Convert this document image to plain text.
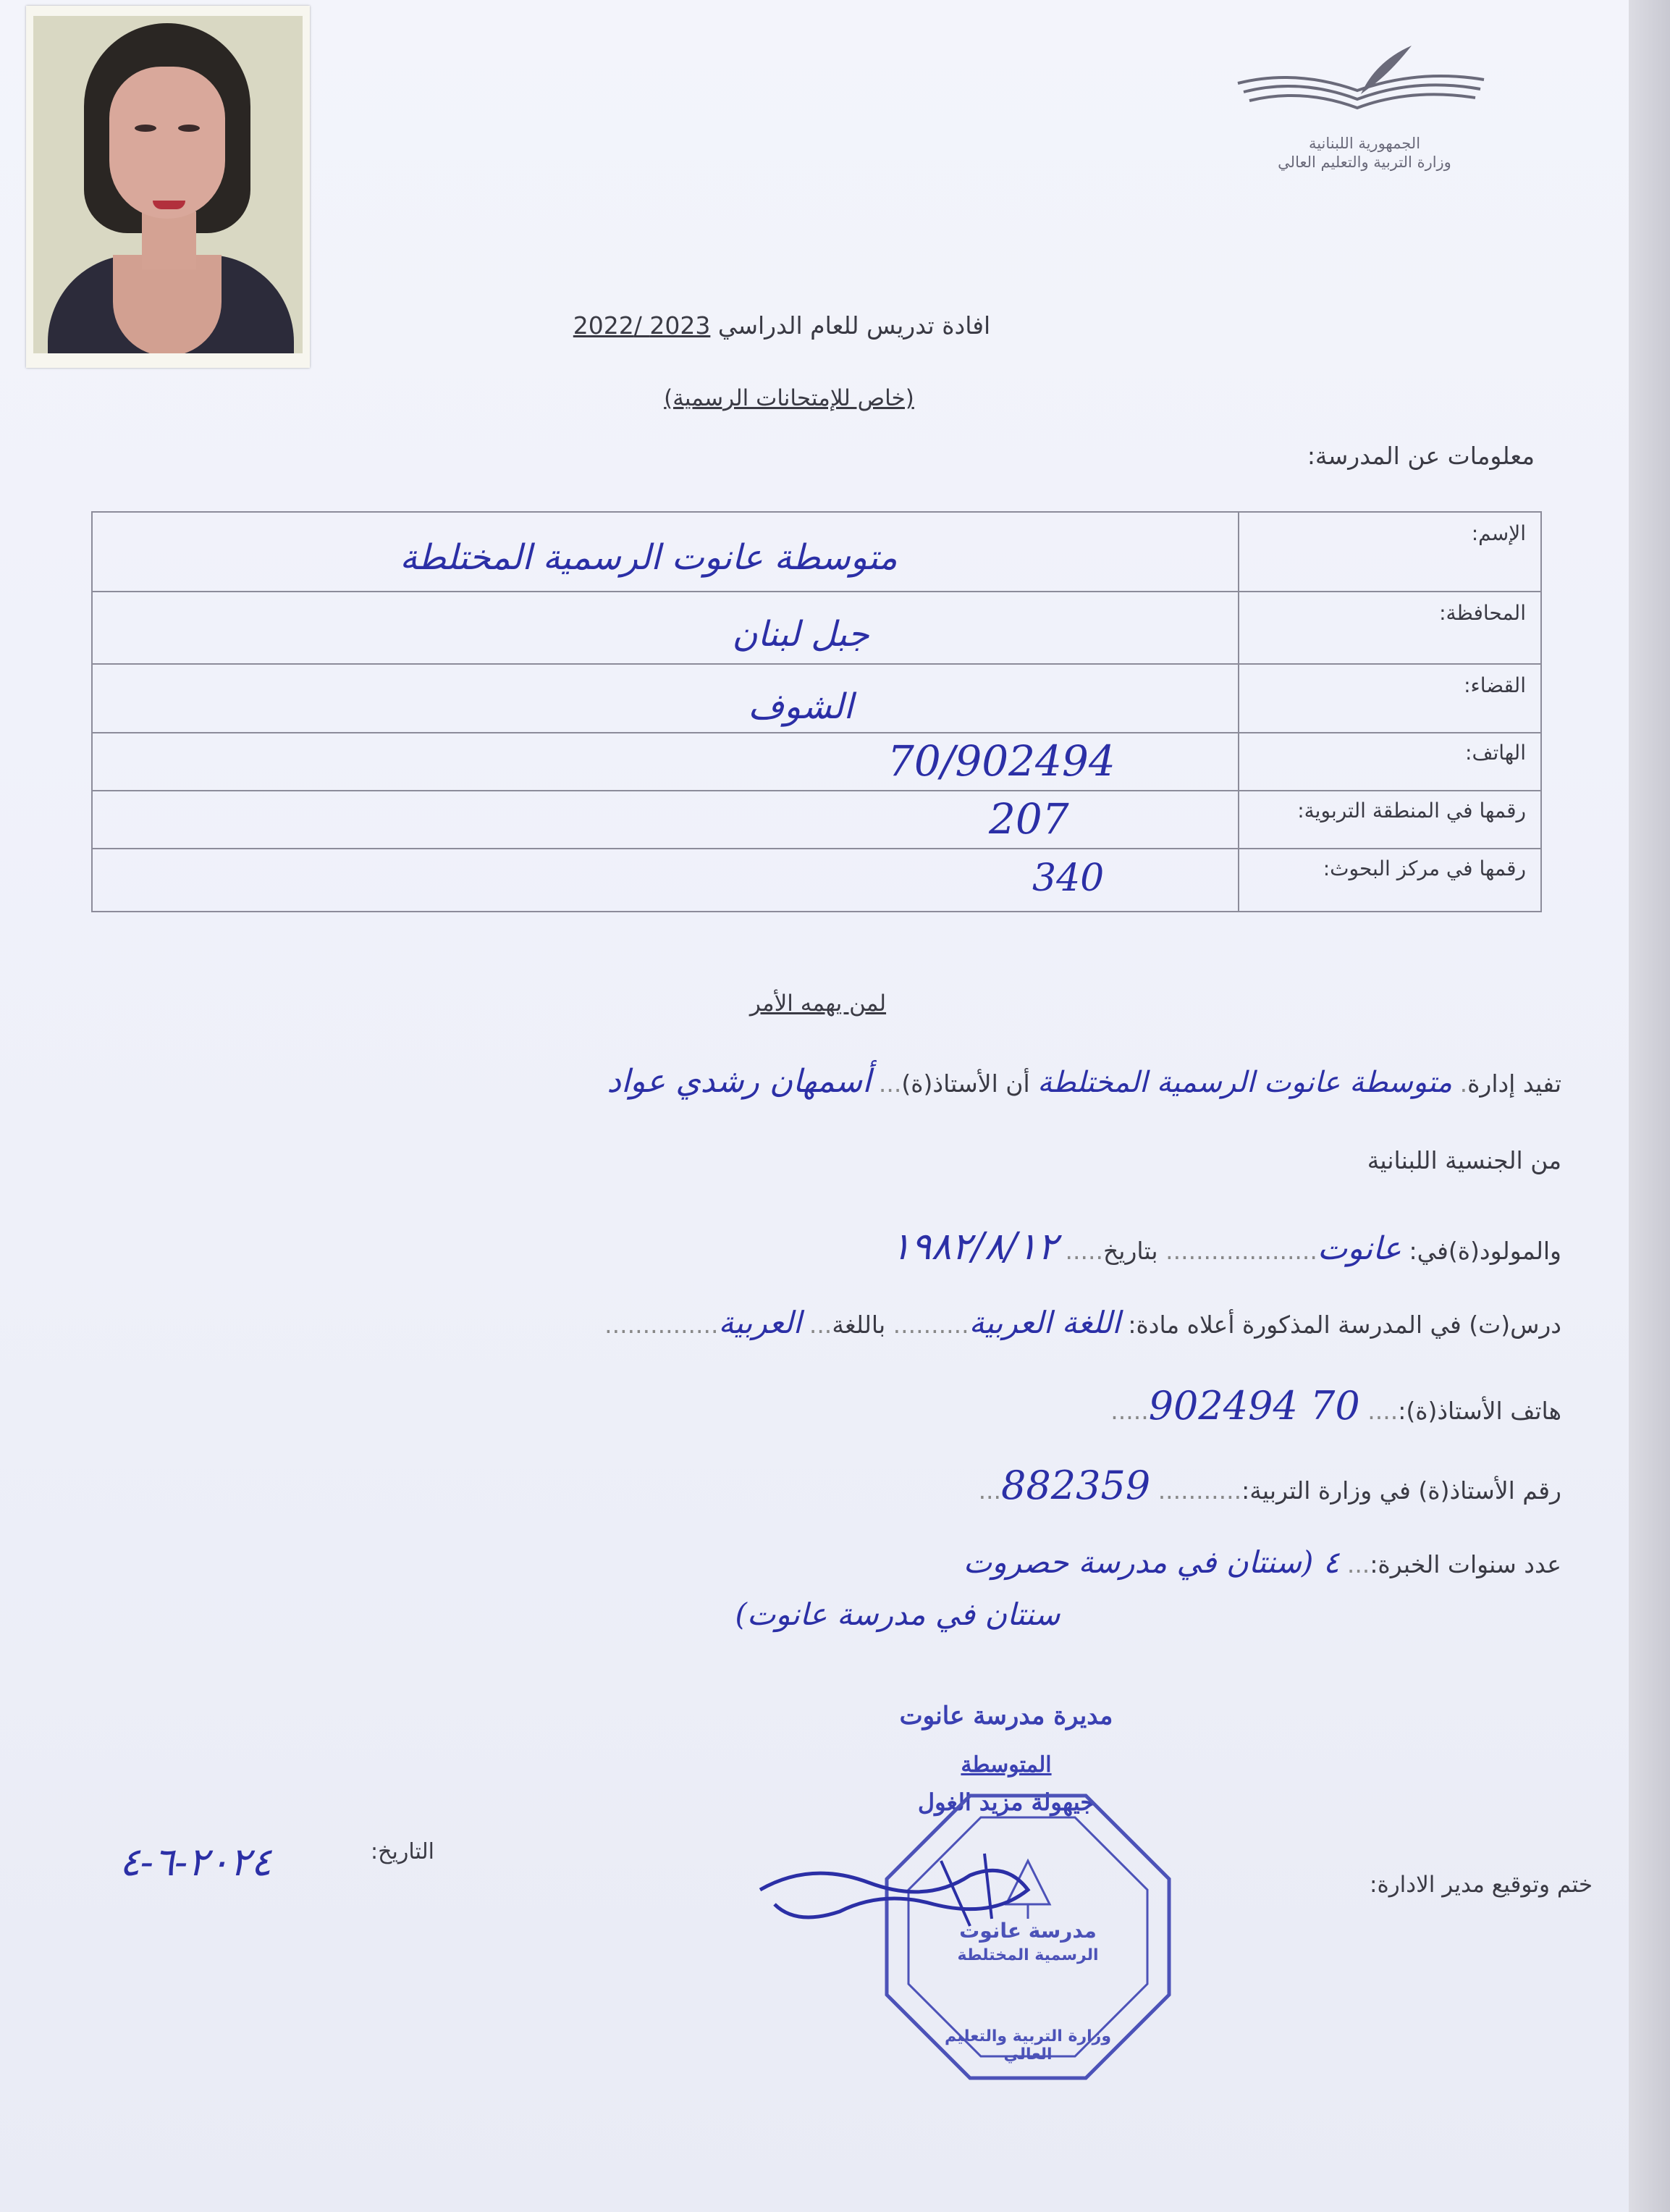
الجمهورية اللبنانية
وزارة التربية والتعليم العالي
افادة تدريس للعام الدراسي 2023 /2022
(خاص للإمتحانات الرسمية)
معلومات عن المدرسة:
الإسم:
متوسطة عانوت الرسمية المختلطة
المحافظة:
جبل لبنان
القضاء:
الشوف
الهاتف:
70/902494
رقمها في المنطقة التربوية:
207
رقمها في مركز البحوث:
340
لمن يهمه الأمر
تفيد إدارة. متوسطة عانوت الرسمية المختلطة أن الأستاذ(ة)... أسمهان رشدي عواد
من الجنسية اللبنانية
والمولود(ة)في: عانوت.................... بتاريخ..... ١٩٨٢/٨/١٢
درس(ت) في المدرسة المذكورة أعلاه مادة: اللغة العربية.......... باللغة... العربية...............
هاتف الأستاذ(ة):.... 70 902494.....
رقم الأستاذ(ة) في وزارة التربية:........... 882359...
عدد سنوات الخبرة:... ٤ (سنتان في مدرسة حصروت
سنتان في مدرسة عانوت)
مديرة مدرسة عانوت
المتوسطة
جيهولة مزيد الغول
مدرسة عانوت
الرسمية المختلطة
وزارة التربية والتعليم العالي
التاريخ:
٢٠٢٤-٦-٤	ختم وتوقيع مدير الادارة:
